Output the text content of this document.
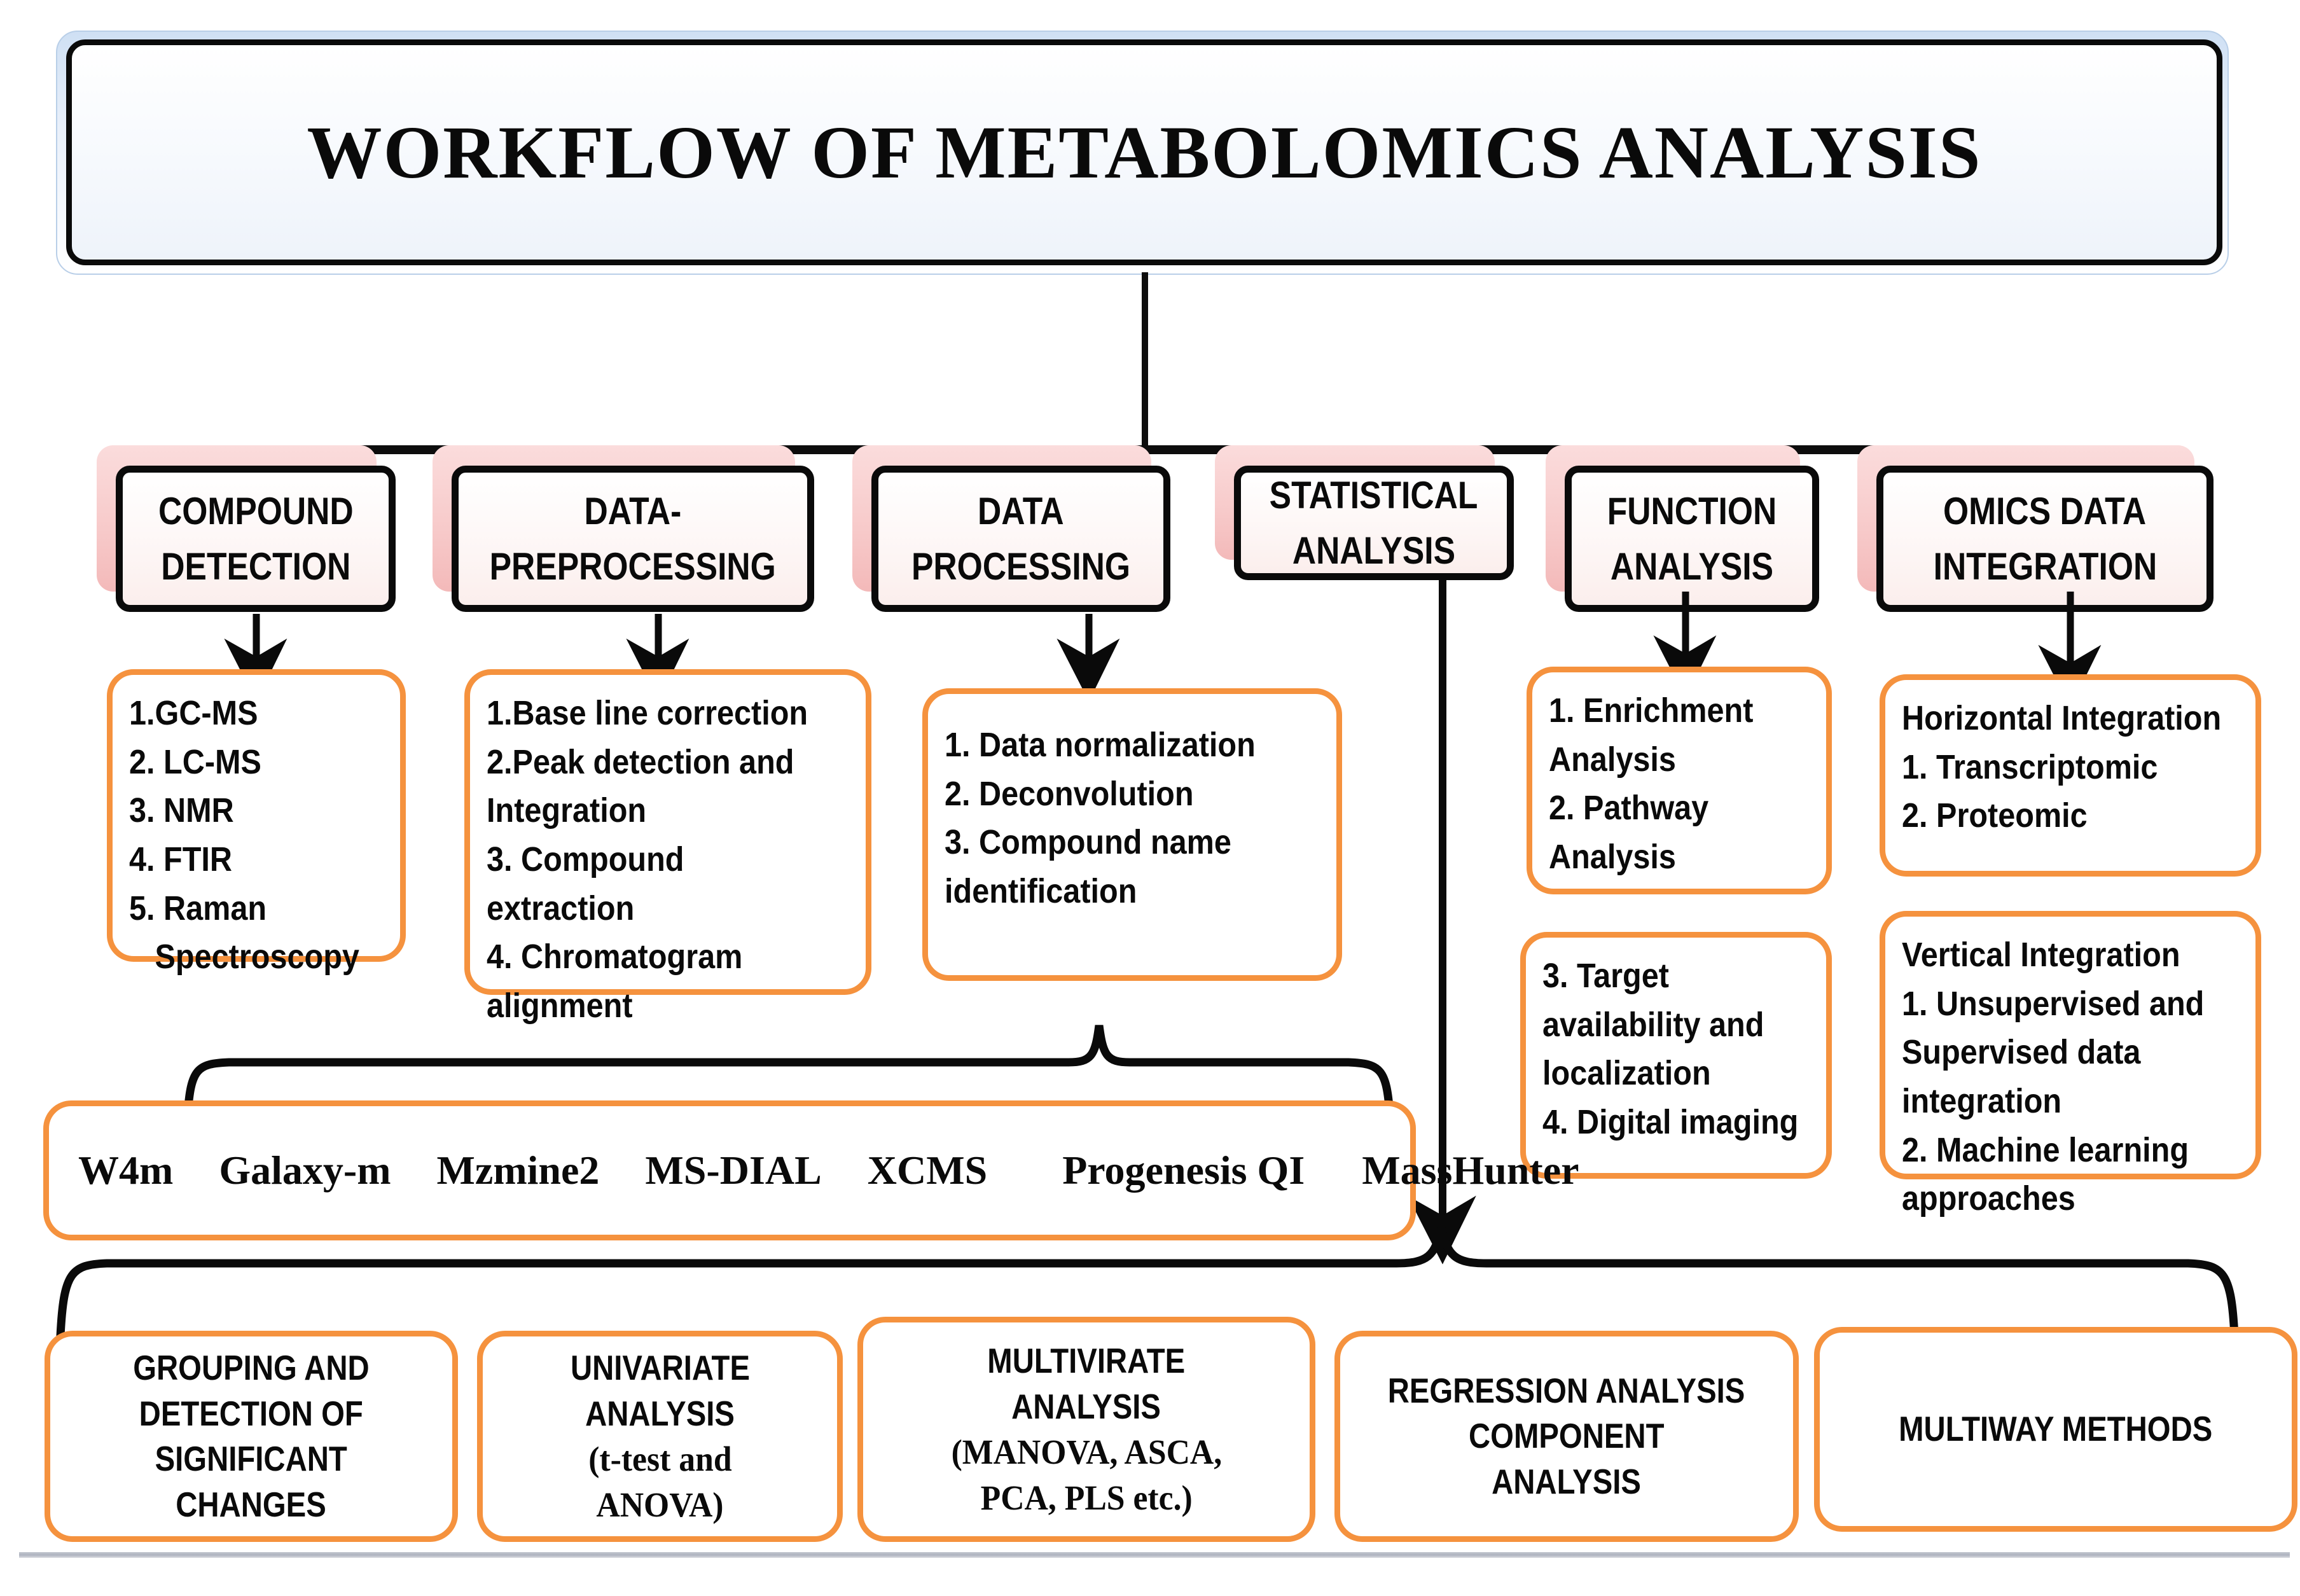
WORKFLOW OF METABOLOMICS ANALYSIS
COMPOUND
DETECTION
DATA-
PREPROCESSING
DATA
PROCESSING
STATISTICAL
ANALYSIS
FUNCTION
ANALYSIS
OMICS DATA
INTEGRATION
1.GC-MS
2. LC-MS
3. NMR
4. FTIR
5. Raman
Spectroscopy
1.Base line correction
2.Peak detection and
Integration
3. Compound
extraction
4. Chromatogram
alignment
1. Data normalization
2. Deconvolution
3. Compound name
identification
1. Enrichment
Analysis
2. Pathway
Analysis
3. Target
availability and
localization
4. Digital imaging
Horizontal Integration
1. Transcriptomic
2. Proteomic
Vertical Integration
1. Unsupervised and
Supervised data
integration
2. Machine learning
approaches
W4m Galaxy-m Mzmine2 MS-DIAL XCMS Progenesis QI MassHunter
GROUPING AND
DETECTION OF
SIGNIFICANT
CHANGES
UNIVARIATE
ANALYSIS
(t-test and
ANOVA)
MULTIVIRATE
ANALYSIS
(MANOVA, ASCA,
PCA, PLS etc.)
REGRESSION ANALYSIS
COMPONENT
ANALYSIS
MULTIWAY METHODS
